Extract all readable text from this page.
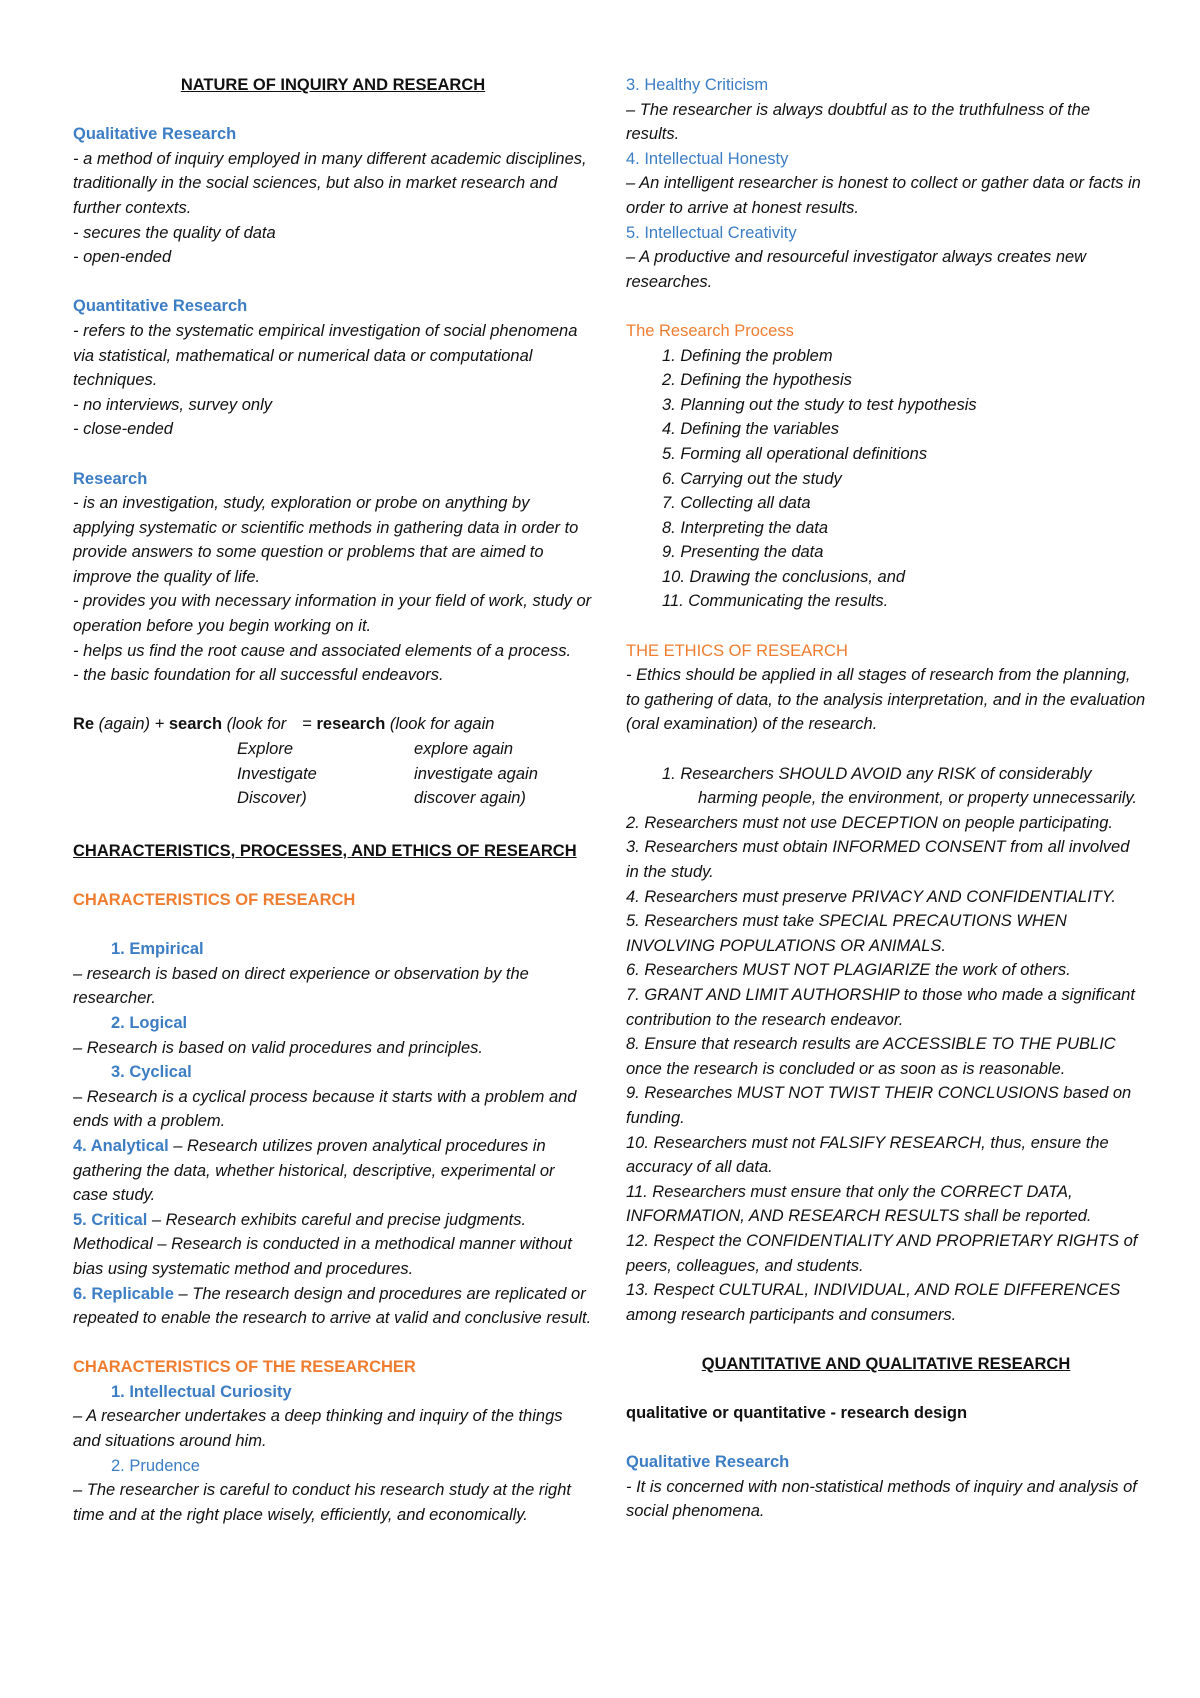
NATURE OF INQUIRY AND RESEARCH

Qualitative Research

- a method of inquiry employed in many different academic disciplines, traditionally in the social sciences, but also in market research and further contexts.

- secures the quality of data

- open-ended

Quantitative Research

- refers to the systematic empirical investigation of social phenomena via statistical, mathematical or numerical data or computational techniques.

- no interviews, survey only

- close-ended

Research

- is an investigation, study, exploration or probe on anything by applying systematic or scientific methods in gathering data in order to provide answers to some question or problems that are aimed to improve the quality of life.

- provides you with necessary information in your field of work, study or operation before you begin working on it.

- helps us find the root cause and associated elements of a process.

- the basic foundation for all successful endeavors.

Re (again) + search (look for = research (look for again

Explore	explore again
Investigate	investigate again
Discover)	discover again)

CHARACTERISTICS, PROCESSES, AND ETHICS OF RESEARCH

CHARACTERISTICS OF RESEARCH

1. Empirical

– research is based on direct experience or observation by the researcher.

2. Logical

– Research is based on valid procedures and principles.

3. Cyclical

– Research is a cyclical process because it starts with a problem and ends with a problem.

4. Analytical – Research utilizes proven analytical procedures in gathering the data, whether historical, descriptive, experimental or case study.

5. Critical – Research exhibits careful and precise judgments. Methodical – Research is conducted in a methodical manner without bias using systematic method and procedures.

6. Replicable – The research design and procedures are replicated or repeated to enable the research to arrive at valid and conclusive result.

CHARACTERISTICS OF THE RESEARCHER

1. Intellectual Curiosity

– A researcher undertakes a deep thinking and inquiry of the things and situations around him.

2. Prudence

– The researcher is careful to conduct his research study at the right time and at the right place wisely, efficiently, and economically.

3. Healthy Criticism

– The researcher is always doubtful as to the truthfulness of the results.

4. Intellectual Honesty

– An intelligent researcher is honest to collect or gather data or facts in order to arrive at honest results.

5. Intellectual Creativity

– A productive and resourceful investigator always creates new researches.

The Research Process

1. Defining the problem

2. Defining the hypothesis

3. Planning out the study to test hypothesis

4. Defining the variables

5. Forming all operational definitions

6. Carrying out the study

7. Collecting all data

8. Interpreting the data

9. Presenting the data

10. Drawing the conclusions, and

11. Communicating the results.

THE ETHICS OF RESEARCH

- Ethics should be applied in all stages of research from the planning, to gathering of data, to the analysis interpretation, and in the evaluation (oral examination) of the research.

1. Researchers SHOULD AVOID any RISK of considerably harming people, the environment, or property unnecessarily.

2. Researchers must not use DECEPTION on people participating.

3. Researchers must obtain INFORMED CONSENT from all involved in the study.

4. Researchers must preserve PRIVACY AND CONFIDENTIALITY.

5. Researchers must take SPECIAL PRECAUTIONS WHEN INVOLVING POPULATIONS OR ANIMALS.

6. Researchers MUST NOT PLAGIARIZE the work of others.

7. GRANT AND LIMIT AUTHORSHIP to those who made a significant contribution to the research endeavor.

8. Ensure that research results are ACCESSIBLE TO THE PUBLIC once the research is concluded or as soon as is reasonable.

9. Researches MUST NOT TWIST THEIR CONCLUSIONS based on funding.

10. Researchers must not FALSIFY RESEARCH, thus, ensure the accuracy of all data.

11. Researchers must ensure that only the CORRECT DATA, INFORMATION, AND RESEARCH RESULTS shall be reported.

12. Respect the CONFIDENTIALITY AND PROPRIETARY RIGHTS of peers, colleagues, and students.

13. Respect CULTURAL, INDIVIDUAL, AND ROLE DIFFERENCES among research participants and consumers.

QUANTITATIVE AND QUALITATIVE RESEARCH

qualitative or quantitative - research design

Qualitative Research

- It is concerned with non-statistical methods of inquiry and analysis of social phenomena.
